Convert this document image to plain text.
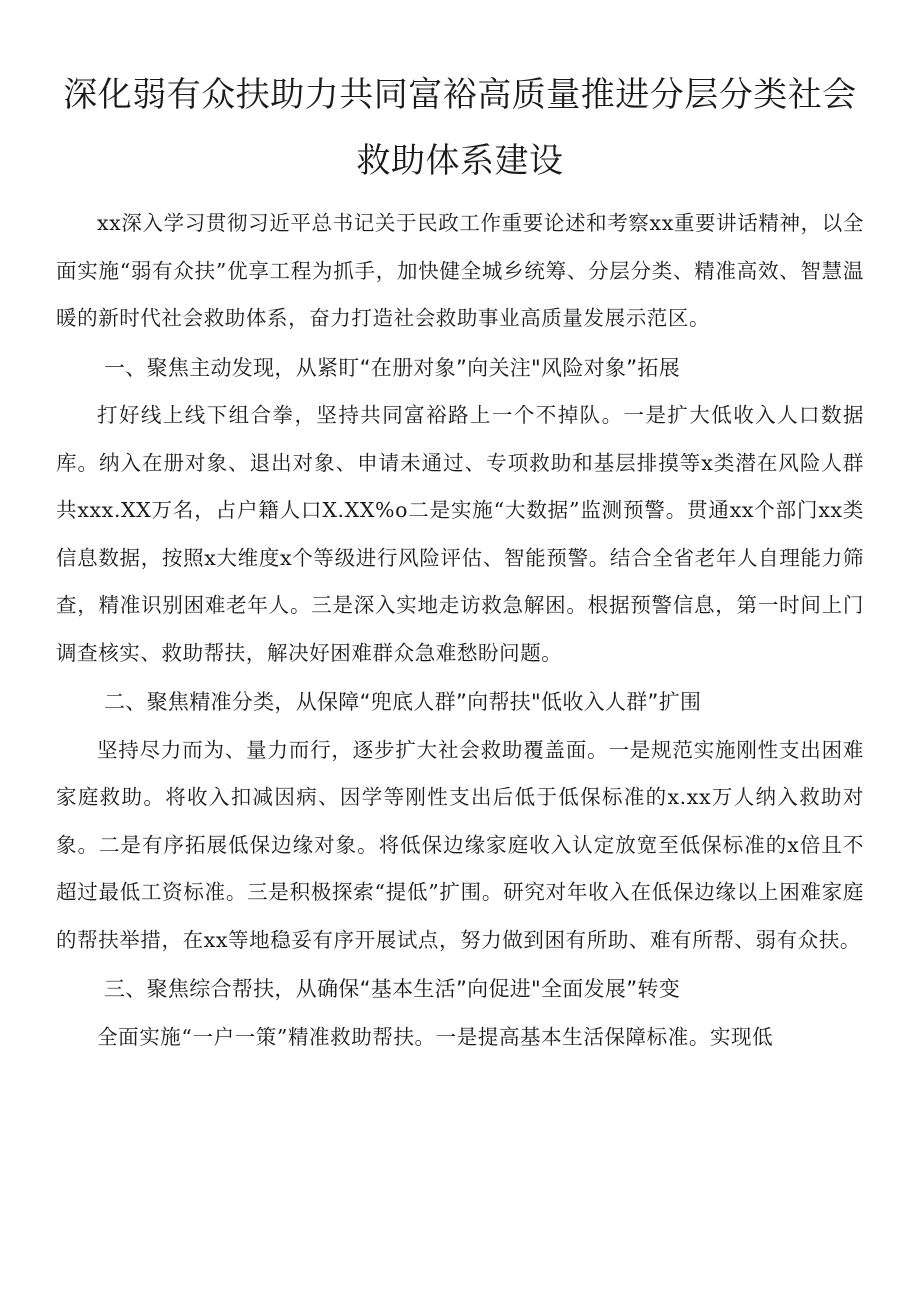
深化弱有众扶助力共同富裕高质量推进分层分类社会
救助体系建设

xx深入学习贯彻习近平总书记关于民政工作重要论述和考察xx重要讲话精神，以全面实施“弱有众扶”优享工程为抓手，加快健全城乡统筹、分层分类、精准高效、智慧温暖的新时代社会救助体系，奋力打造社会救助事业高质量发展示范区。

一、聚焦主动发现，从紧盯“在册对象”向关注"风险对象”拓展

打好线上线下组合拳，坚持共同富裕路上一个不掉队。一是扩大低收入人口数据库。纳入在册对象、退出对象、申请未通过、专项救助和基层排摸等x类潜在风险人群共xxx.XX万名，占户籍人口X.XX%o二是实施“大数据”监测预警。贯通xx个部门xx类信息数据，按照x大维度x个等级进行风险评估、智能预警。结合全省老年人自理能力筛查，精准识别困难老年人。三是深入实地走访救急解困。根据预警信息，第一时间上门调查核实、救助帮扶，解决好困难群众急难愁盼问题。

二、聚焦精准分类，从保障“兜底人群”向帮扶"低收入人群”扩围

坚持尽力而为、量力而行，逐步扩大社会救助覆盖面。一是规范实施刚性支出困难家庭救助。将收入扣减因病、因学等刚性支出后低于低保标准的x.xx万人纳入救助对象。二是有序拓展低保边缘对象。将低保边缘家庭收入认定放宽至低保标准的x倍且不超过最低工资标准。三是积极探索“提低”扩围。研究对年收入在低保边缘以上困难家庭的帮扶举措，在xx等地稳妥有序开展试点，努力做到困有所助、难有所帮、弱有众扶。

三、聚焦综合帮扶，从确保“基本生活”向促进"全面发展”转变

全面实施“一户一策”精准救助帮扶。一是提高基本生活保障标准。实现低
